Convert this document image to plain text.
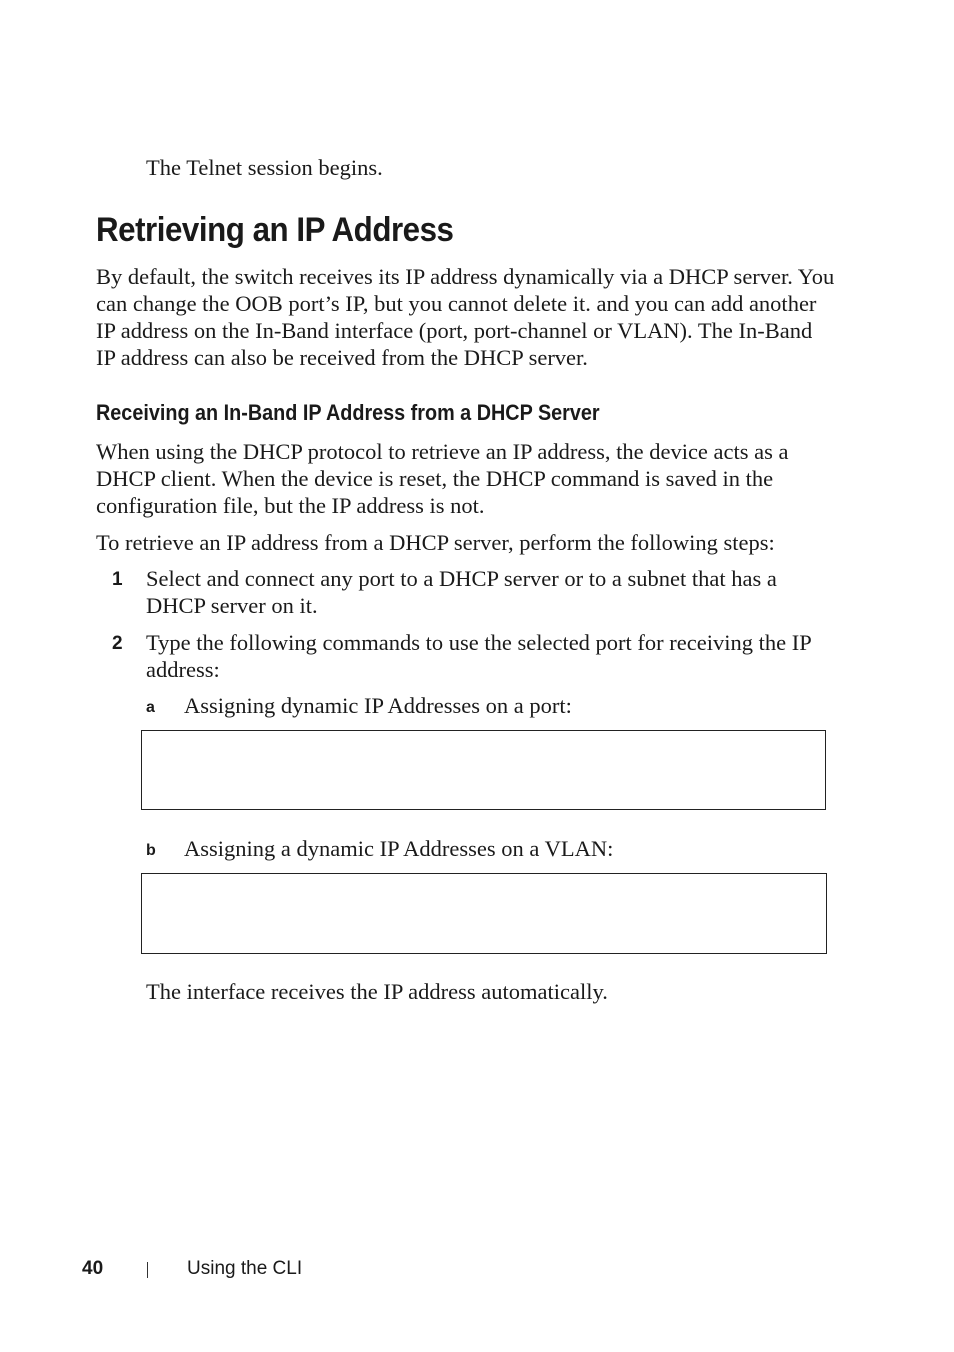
The Telnet session begins.
Retrieving an IP Address
By default, the switch receives its IP address dynamically via a DHCP server. You can change the OOB port’s IP, but you cannot delete it. and you can add another IP address on the In-Band interface (port, port-channel or VLAN). The In-Band IP address can also be received from the DHCP server.
Receiving an In-Band IP Address from a DHCP Server
When using the DHCP protocol to retrieve an IP address, the device acts as a DHCP client. When the device is reset, the DHCP command is saved in the configuration file, but the IP address is not.
To retrieve an IP address from a DHCP server, perform the following steps:
1 Select and connect any port to a DHCP server or to a subnet that has a DHCP server on it.
2 Type the following commands to use the selected port for receiving the IP address:
a Assigning dynamic IP Addresses on a port:
b Assigning a dynamic IP Addresses on a VLAN:
The interface receives the IP address automatically.
40	Using the CLI
